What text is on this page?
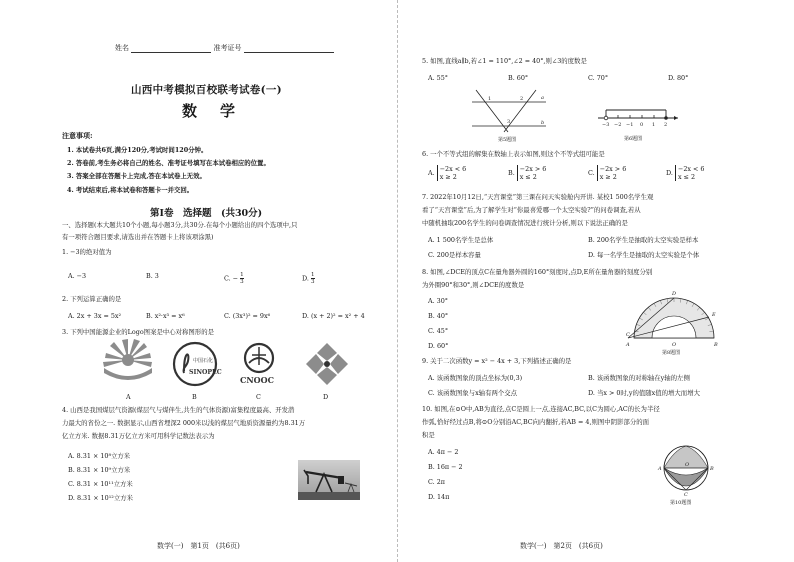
姓名	准考证号
山西中考模拟百校联考试卷(一)
数　学
注意事项:
1. 本试卷共6页,满分120分,考试时间120分钟。
2. 答卷前,考生务必将自己的姓名、准考证号填写在本试卷相应的位置。
3. 答案全部在答题卡上完成,答在本试卷上无效。
4. 考试结束后,将本试卷和答题卡一并交回。
第Ⅰ卷　选择题　(共30分)
一、选择题(本大题共10个小题,每小题3分,共30分.在每个小题给出的四个选项中,只
有一项符合题目要求,请选出并在答题卡上将该项涂黑)
1. −3的绝对值为
A. −3	B. 3	C. − $\frac{1}{3}$	D. $\frac{1}{3}$
2. 下列运算正确的是
A. 2x + 3x = 5x²	B. x²·x³ = x⁶	C. (3x³)² = 9x⁶	D. (x + 2)² = x² + 4
3. 下列中国能源企业的Logo图案是中心对称图形的是
A
中国石化
SINOPEC
B
CNOOC
C	D
4. 山西是我国煤层气资源(煤层气与煤伴生,共生的气体资源)富集程度最高、开发潜
力最大的省份之一. 数据显示,山西省埋深2 000米以浅的煤层气地质资源量约为8.31万
亿立方米. 数据8.31万亿立方米可用科学记数法表示为
A. 8.31 × 10⁸立方米
B. 8.31 × 10⁹立方米
C. 8.31 × 10¹¹立方米
D. 8.31 × 10¹²立方米
数学(一)　第1页　(共6页)
5. 如图,直线a∥b,若∠1 = 110°,∠2 = 40°,则∠3的度数是
A. 55°	B. 60°	C. 70°	D. 80°
1	2
3
a
b
第5题图
−3 −2 −1 0 1 2
第6题图
6. 一个不等式组的解集在数轴上表示如图,则这个不等式组可能是
A. −2x < 6
x ≥ 2	B. −2x > 6
x ≤ 2	C. −2x > 6
x ≥ 2	D. −2x < 6
x ≤ 2
7. 2022年10月12日,“天宫课堂”第三课在问天实验舱内开讲. 某校1 500名学生观
看了“天宫课堂”后,为了解学生对“你最喜爱哪一个太空实验?”的问卷调查,若从
中随机抽取200名学生的问卷调查情况进行统计分析,则以下说法正确的是
A. 1 500名学生是总体	B. 200名学生是抽取的太空实验是样本
C. 200是样本容量	D. 每一名学生是抽取的太空实验是个体
8. 如图,∠DCE的顶点C在量角器外圆的160°刻度时,点D,E所在量角器的刻度分别
为外圈90°和30°,则∠DCE的度数是
A. 30°
B. 40°
C. 45°
D. 60°	A	B
C
D
E
O
第8题图
9. 关于二次函数y = x² − 4x + 3,下列描述正确的是
A. 该函数图象的顶点坐标为(0,3)	B. 该函数图象的对称轴在y轴的左侧
C. 该函数图象与x轴有两个交点	D. 当x > 0时,y的值随x值的增大而增大
10. 如图,在⊙O中,AB为直径,点C是圆上一点,连接AC,BC,以C为圆心,AC的长为半径
作弧,恰好经过点B,将⊙O分别沿AC,BC向内翻折,若AB = 4,则图中阴影部分的面
积是
A. 4π − 2
B. 16π − 2
C. 2π
D. 14π
A	B
C
O
第10题图
数学(一)　第2页　(共6页)
